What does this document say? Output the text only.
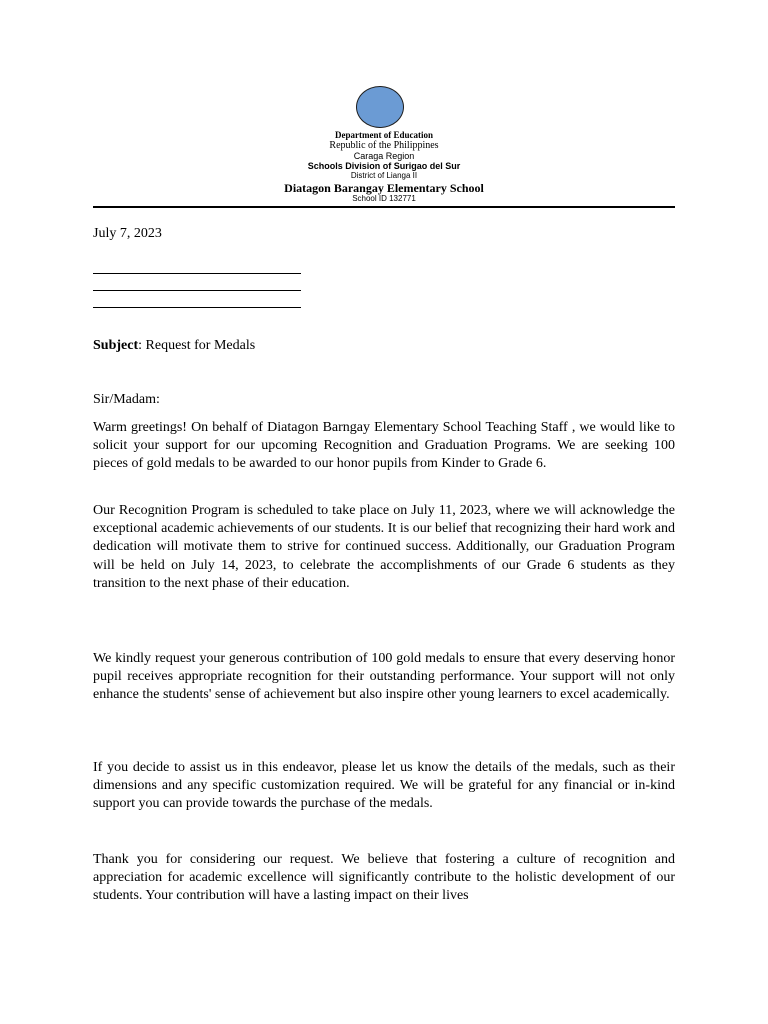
Department of Education
Republic of the Philippines
Caraga Region
Schools Division of Surigao del Sur
District of Lianga II
Diatagon Barangay Elementary School
School ID 132771
July 7, 2023
Subject: Request for Medals
Sir/Madam:

Warm greetings! On behalf of Diatagon Barngay Elementary School Teaching Staff , we would like to solicit your support for our upcoming Recognition and Graduation Programs. We are seeking 100 pieces of gold medals to be awarded to our honor pupils from Kinder to Grade 6.

Our Recognition Program is scheduled to take place on July 11, 2023, where we will acknowledge the exceptional academic achievements of our students. It is our belief that recognizing their hard work and dedication will motivate them to strive for continued success. Additionally, our Graduation Program will be held on July 14, 2023, to celebrate the accomplishments of our Grade 6 students as they transition to the next phase of their education.

We kindly request your generous contribution of 100 gold medals to ensure that every deserving honor pupil receives appropriate recognition for their outstanding performance. Your support will not only enhance the students' sense of achievement but also inspire other young learners to excel academically.

If you decide to assist us in this endeavor, please let us know the details of the medals, such as their dimensions and any specific customization required. We will be grateful for any financial or in-kind support you can provide towards the purchase of the medals.

Thank you for considering our request. We believe that fostering a culture of recognition and appreciation for academic excellence will significantly contribute to the holistic development of our students. Your contribution will have a lasting impact on their lives
